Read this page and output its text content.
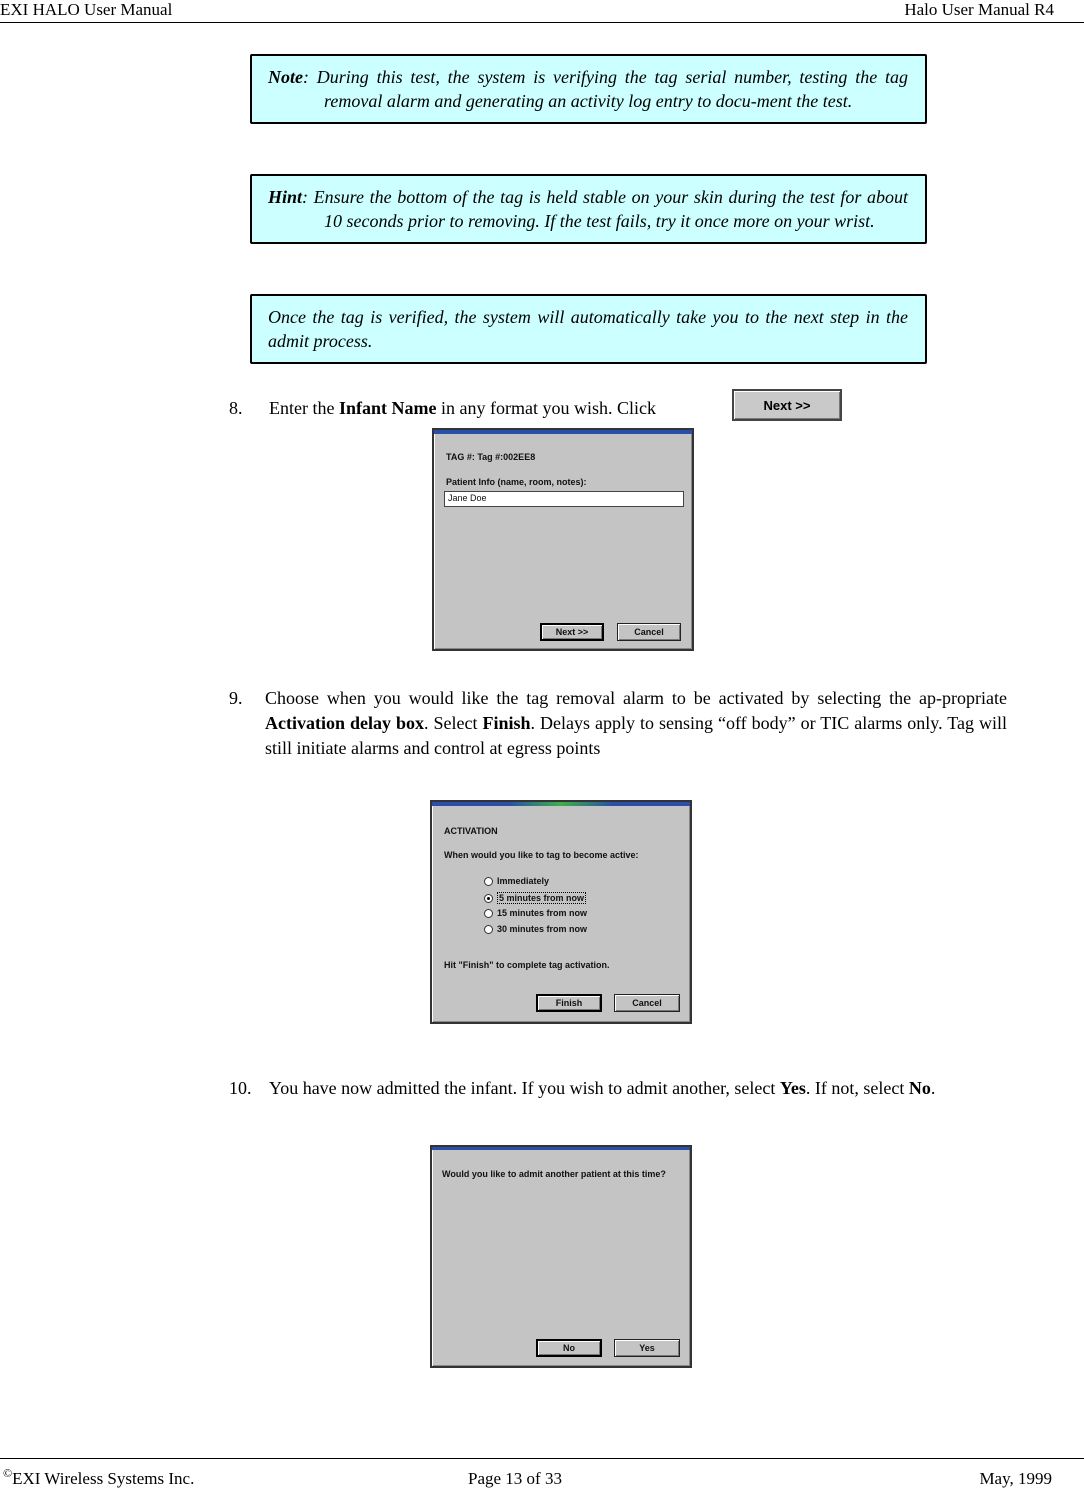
EXI HALO User Manual	Halo User Manual R4
Note: During this test, the system is verifying the tag serial number, testing the tag removal alarm and generating an activity log entry to docu-ment the test.
Hint: Ensure the bottom of the tag is held stable on your skin during the test for about 10 seconds prior to removing. If the test fails, try it once more on your wrist.
Once the tag is verified, the system will automatically take you to the next step in the admit process.
8. Enter the Infant Name in any format you wish. Click	Next >>
TAG #: Tag #:002EE8
Patient Info (name, room, notes):
Jane Doe
Next >>	Cancel
9. Choose when you would like the tag removal alarm to be activated by selecting the ap-propriate Activation delay box. Select Finish. Delays apply to sensing “off body” or TIC alarms only. Tag will still initiate alarms and control at egress points
ACTIVATION
When would you like to tag to become active:
Immediately
5 minutes from now
15 minutes from now
30 minutes from now
Hit "Finish" to complete tag activation.
Finish	Cancel
10. You have now admitted the infant. If you wish to admit another, select Yes. If not, select No.
Would you like to admit another patient at this time?
No	Yes
©EXI Wireless Systems Inc.	Page 13 of 33	May, 1999
